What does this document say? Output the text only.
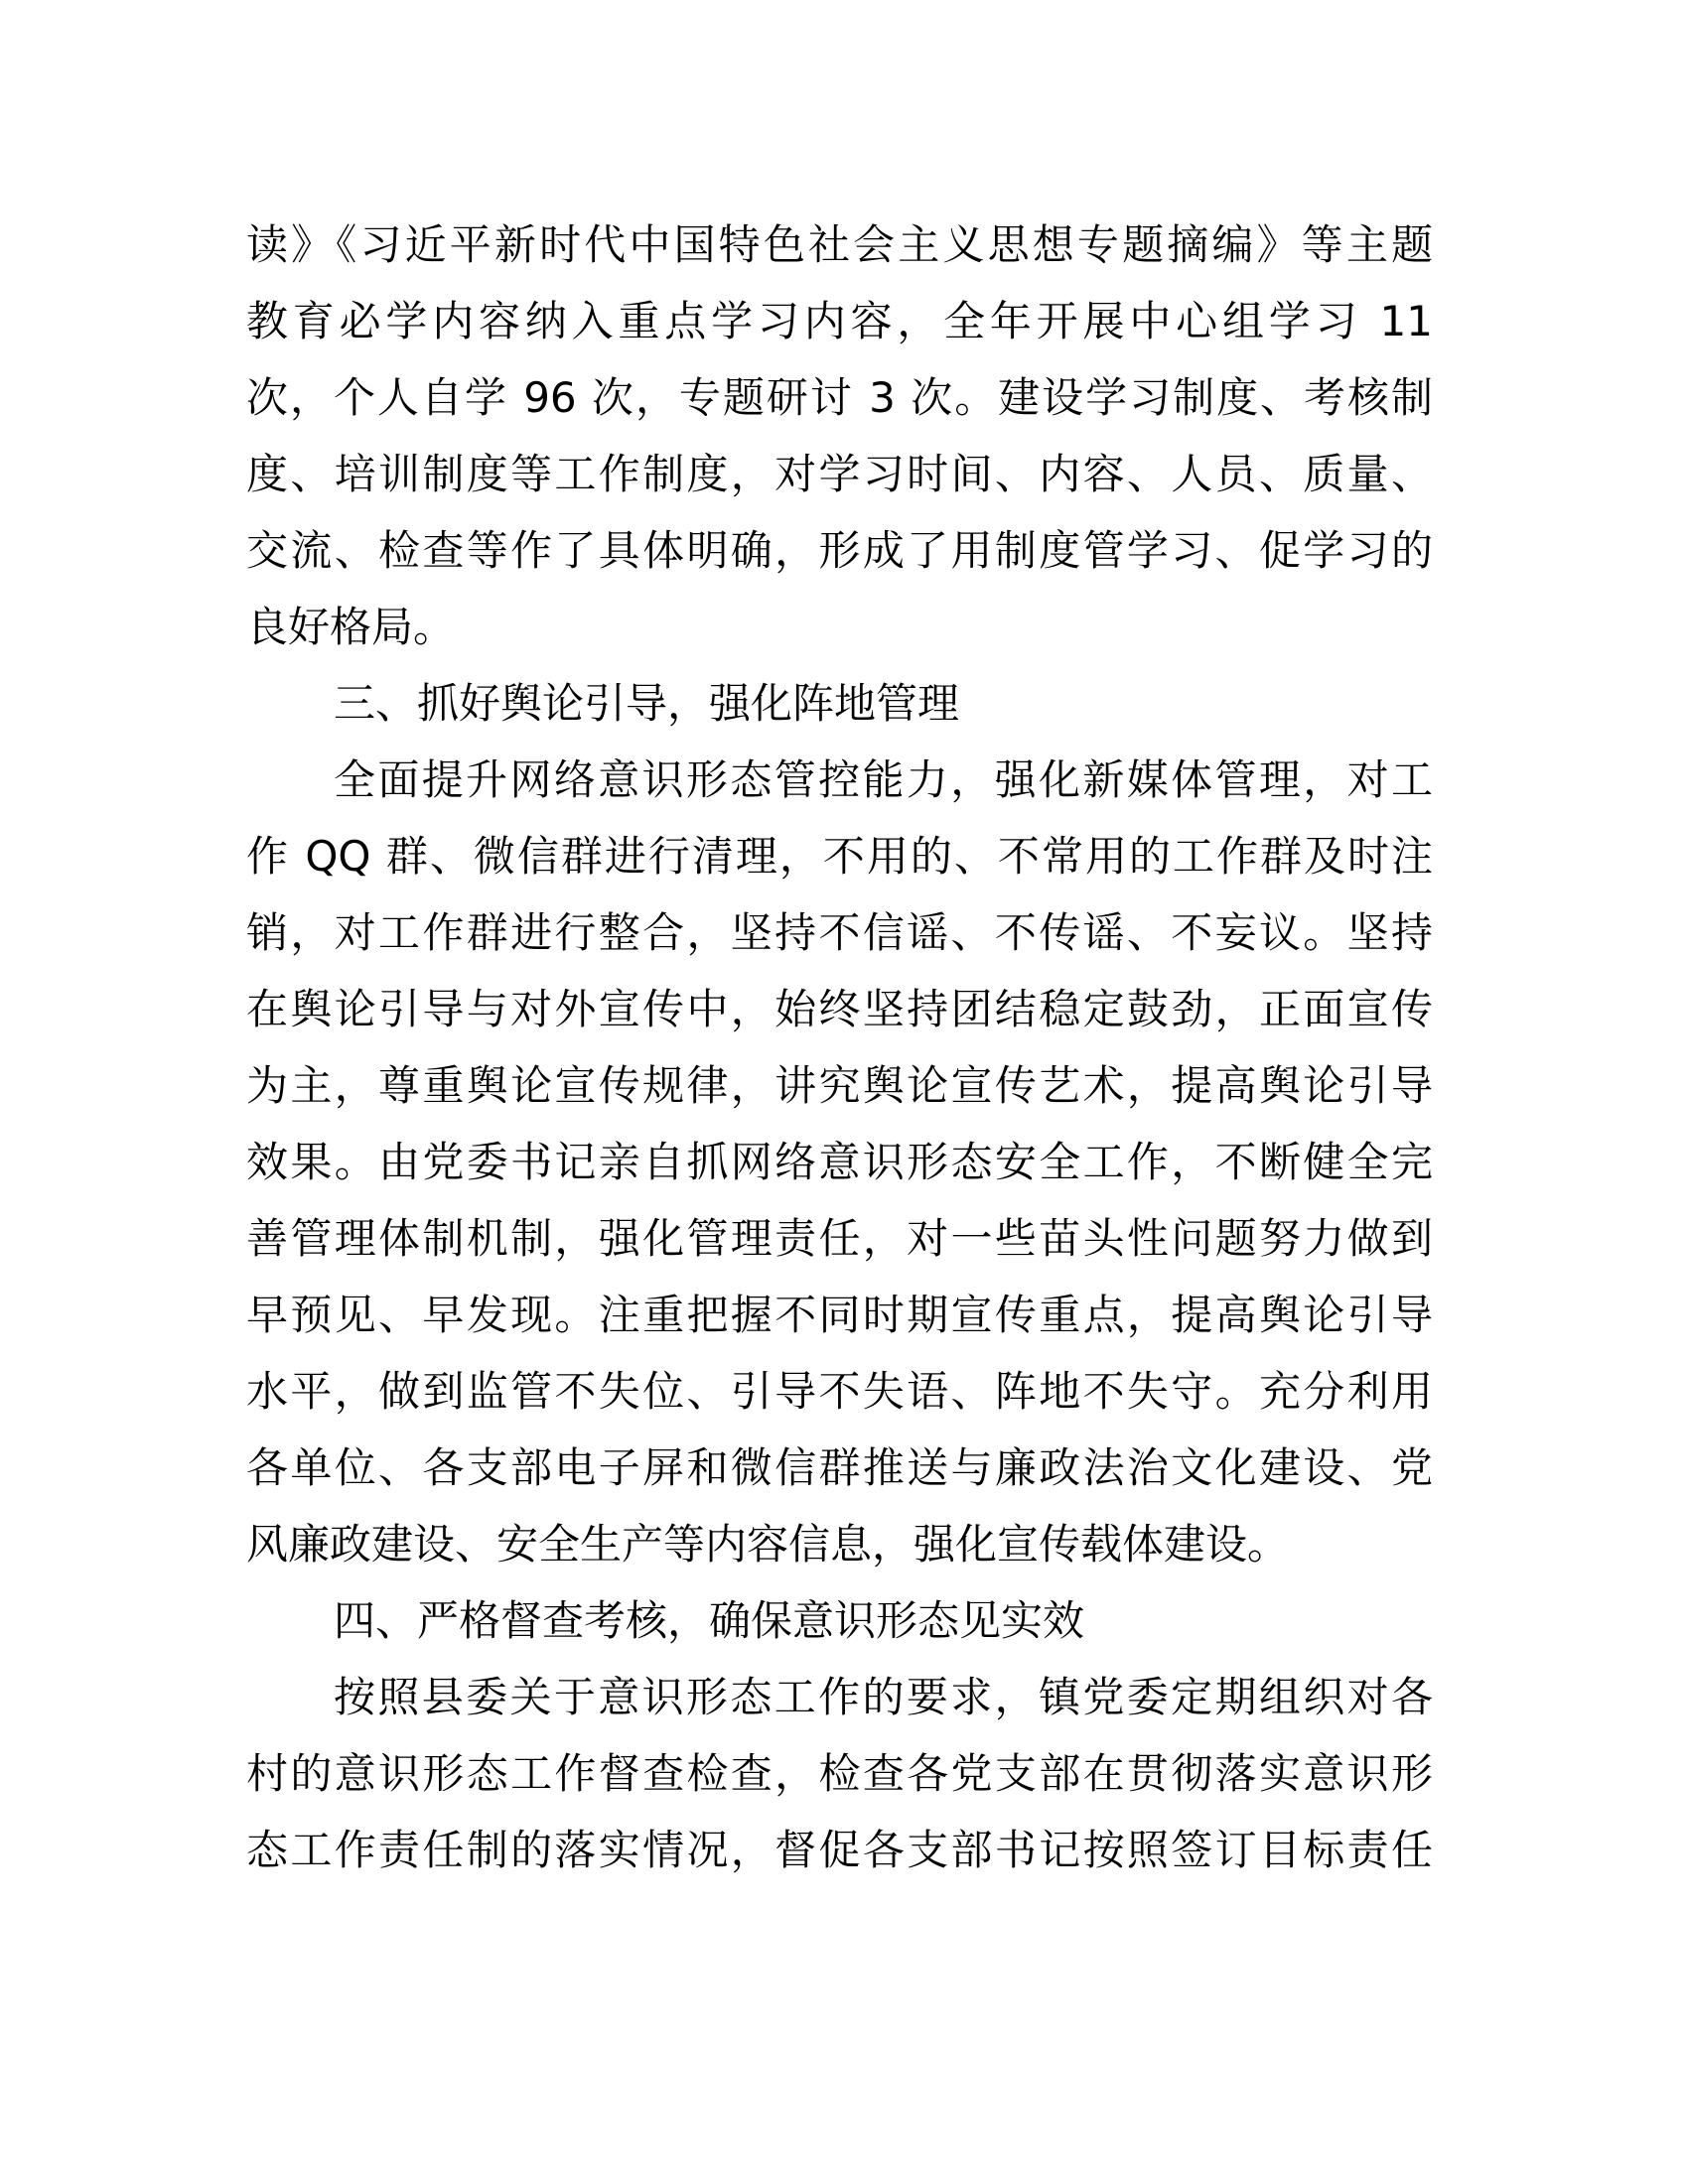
读》《习近平新时代中国特色社会主义思想专题摘编》等主题
教育必学内容纳入重点学习内容，全年开展中心组学习 11
次，个人自学 96 次，专题研讨 3 次。建设学习制度、考核制
度、培训制度等工作制度，对学习时间、内容、人员、质量、
交流、检查等作了具体明确，形成了用制度管学习、促学习的
良好格局。
三、抓好舆论引导，强化阵地管理
全面提升网络意识形态管控能力，强化新媒体管理，对工
作 QQ 群、微信群进行清理，不用的、不常用的工作群及时注
销，对工作群进行整合，坚持不信谣、不传谣、不妄议。坚持
在舆论引导与对外宣传中，始终坚持团结稳定鼓劲，正面宣传
为主，尊重舆论宣传规律，讲究舆论宣传艺术，提高舆论引导
效果。由党委书记亲自抓网络意识形态安全工作，不断健全完
善管理体制机制，强化管理责任，对一些苗头性问题努力做到
早预见、早发现。注重把握不同时期宣传重点，提高舆论引导
水平，做到监管不失位、引导不失语、阵地不失守。充分利用
各单位、各支部电子屏和微信群推送与廉政法治文化建设、党
风廉政建设、安全生产等内容信息，强化宣传载体建设。
四、严格督查考核，确保意识形态见实效
按照县委关于意识形态工作的要求，镇党委定期组织对各
村的意识形态工作督查检查，检查各党支部在贯彻落实意识形
态工作责任制的落实情况，督促各支部书记按照签订目标责任
